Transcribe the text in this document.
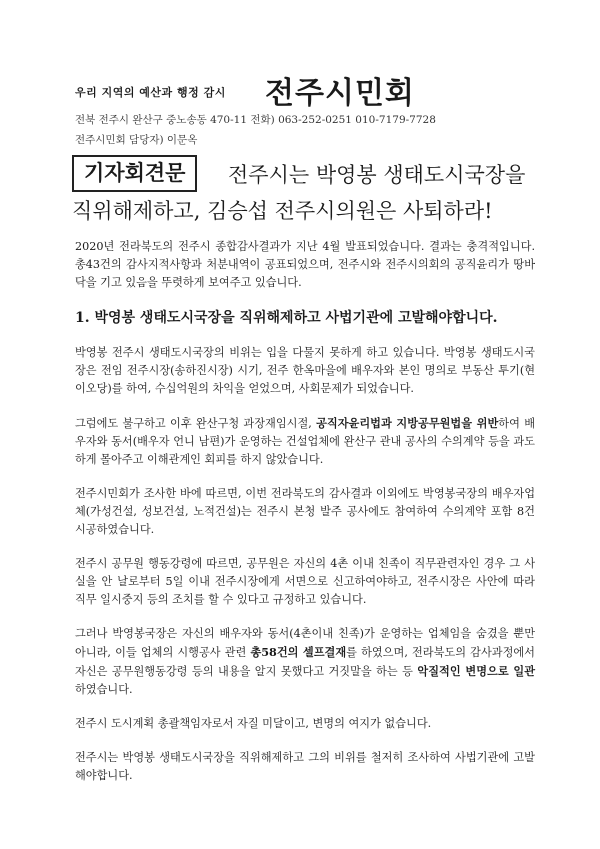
우리 지역의 예산과 행정 감시 전주시민회
전북 전주시 완산구 중노송동 470-11 전화) 063-252-0251 010-7179-7728
전주시민회 담당자) 이문옥
기자회견문	전주시는 박영봉 생태도시국장을
직위해제하고, 김승섭 전주시의원은 사퇴하라!

2020년 전라북도의 전주시 종합감사결과가 지난 4월 발표되었습니다. 결과는 충격적입니다. 총43건의 감사지적사항과 처분내역이 공표되었으며, 전주시와 전주시의회의 공직윤리가 땅바닥을 기고 있음을 뚜렷하게 보여주고 있습니다.

1. 박영봉 생태도시국장을 직위해제하고 사법기관에 고발해야합니다.

박영봉 전주시 생태도시국장의 비위는 입을 다물지 못하게 하고 있습니다. 박영봉 생태도시국장은 전임 전주시장(송하진시장) 시기, 전주 한옥마을에 배우자와 본인 명의로 부동산 투기(현 이오당)를 하여, 수십억원의 차익을 얻었으며, 사회문제가 되었습니다.

그럼에도 불구하고 이후 완산구청 과장재임시절, 공직자윤리법과 지방공무원법을 위반하여 배우자와 동서(배우자 언니 남편)가 운영하는 건설업체에 완산구 관내 공사의 수의계약 등을 과도하게 몰아주고 이해관계인 회피를 하지 않았습니다.

전주시민회가 조사한 바에 따르면, 이번 전라북도의 감사결과 이외에도 박영봉국장의 배우자업체(가성건설, 성보건설, 노적건설)는 전주시 본청 발주 공사에도 참여하여 수의계약 포함 8건 시공하였습니다.

전주시 공무원 행동강령에 따르면, 공무원은 자신의 4촌 이내 친족이 직무관련자인 경우 그 사실을 안 날로부터 5일 이내 전주시장에게 서면으로 신고하여야하고, 전주시장은 사안에 따라 직무 일시중지 등의 조치를 할 수 있다고 규정하고 있습니다.

그러나 박영봉국장은 자신의 배우자와 동서(4촌이내 친족)가 운영하는 업체임을 숨겼을 뿐만 아니라, 이들 업체의 시행공사 관련 총58건의 셀프결재를 하였으며, 전라북도의 감사과정에서 자신은 공무원행동강령 등의 내용을 알지 못했다고 거짓말을 하는 등 악질적인 변명으로 일관하였습니다.

전주시 도시계획 총괄책임자로서 자질 미달이고, 변명의 여지가 없습니다.

전주시는 박영봉 생태도시국장을 직위해제하고 그의 비위를 철저히 조사하여 사법기관에 고발해야합니다.
